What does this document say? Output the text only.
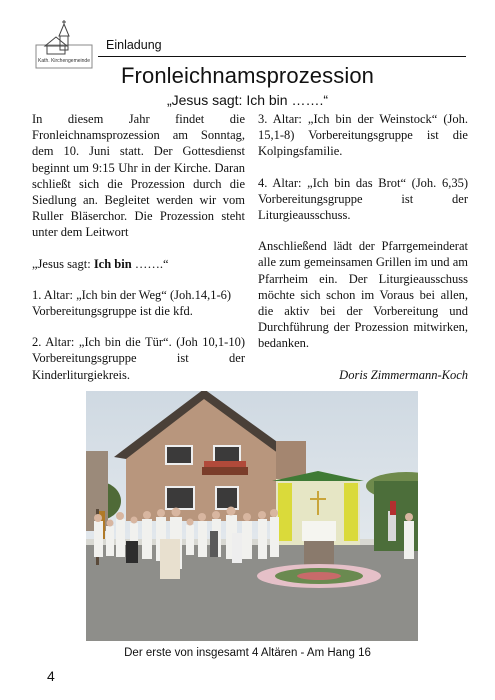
Kath. Kirchengemeinde
Einladung
Fronleichnamsprozession
„Jesus sagt: Ich bin …….“

In diesem Jahr findet die Fronleichnamsprozession am Sonntag, dem 10. Juni statt. Der Gottesdienst beginnt um 9:15 Uhr in der Kirche. Daran schließt sich die Prozession durch die Siedlung an. Begleitet werden wir vom Ruller Bläserchor. Die Prozession steht unter dem Leitwort

„Jesus sagt: Ich bin …….“

1. Altar: „Ich bin der Weg“ (Joh.14,1-6)
Vorbereitungsgruppe ist die kfd.

2. Altar: „Ich bin die Tür“. (Joh 10,1-10) Vorbereitungsgruppe ist der Kinderliturgiekreis.

3. Altar: „Ich bin der Weinstock“ (Joh. 15,1-8) Vorbereitungsgruppe ist die Kolpingsfamilie.

4. Altar: „Ich bin das Brot“ (Joh. 6,35) Vorbereitungsgruppe ist der Liturgieausschuss.

Anschließend lädt der Pfarrgemeinderat alle zum gemeinsamen Grillen im und am Pfarrheim ein. Der Liturgieausschuss möchte sich schon im Voraus bei allen, die aktiv bei der Vorbereitung und Durchführung der Prozession mitwirken, bedanken.

Doris Zimmermann-Koch

Der erste von insgesamt 4 Altären - Am Hang 16
4
